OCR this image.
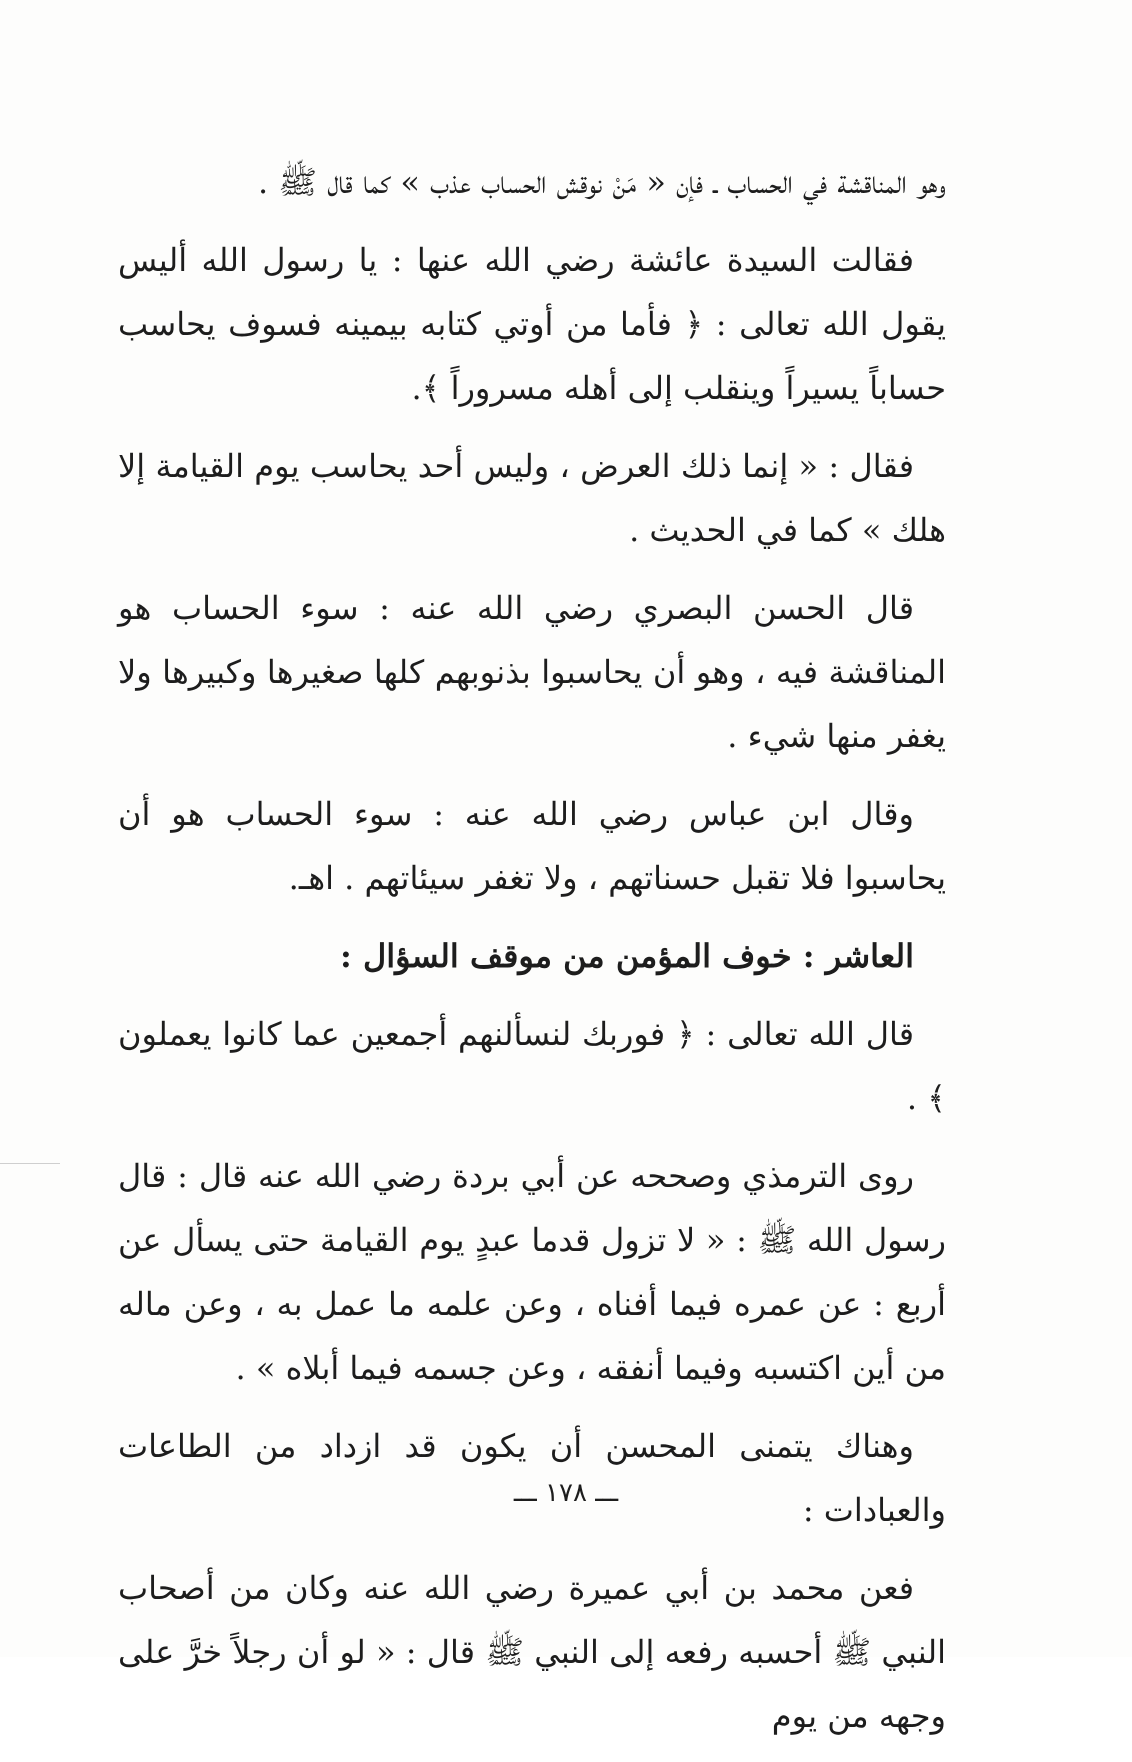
وهو المناقشة في الحساب ـ فإن « مَنْ نوقش الحساب عذب » كما قال ﷺ .

فقالت السيدة عائشة رضي الله عنها : يا رسول الله أليس يقول الله تعالى : ﴿ فأما من أوتي كتابه بيمينه فسوف يحاسب حساباً يسيراً وينقلب إلى أهله مسروراً ﴾.

فقال : « إنما ذلك العرض ، وليس أحد يحاسب يوم القيامة إلا هلك » كما في الحديث .

قال الحسن البصري رضي الله عنه : سوء الحساب هو المناقشة فيه ، وهو أن يحاسبوا بذنوبهم كلها صغيرها وكبيرها ولا يغفر منها شيء .

وقال ابن عباس رضي الله عنه : سوء الحساب هو أن يحاسبوا فلا تقبل حسناتهم ، ولا تغفر سيئاتهم . اهـ.

العاشر : خوف المؤمن من موقف السؤال :

قال الله تعالى : ﴿ فوربك لنسألنهم أجمعين عما كانوا يعملون ﴾ .

روى الترمذي وصححه عن أبي بردة رضي الله عنه قال : قال رسول الله ﷺ : « لا تزول قدما عبدٍ يوم القيامة حتى يسأل عن أربع : عن عمره فيما أفناه ، وعن علمه ما عمل به ، وعن ماله من أين اكتسبه وفيما أنفقه ، وعن جسمه فيما أبلاه » .

وهناك يتمنى المحسن أن يكون قد ازداد من الطاعات والعبادات :

فعن محمد بن أبي عميرة رضي الله عنه وكان من أصحاب النبي ﷺ أحسبه رفعه إلى النبي ﷺ قال : « لو أن رجلاً خرَّ على وجهه من يوم

ـــ ١٧٨ ـــ
